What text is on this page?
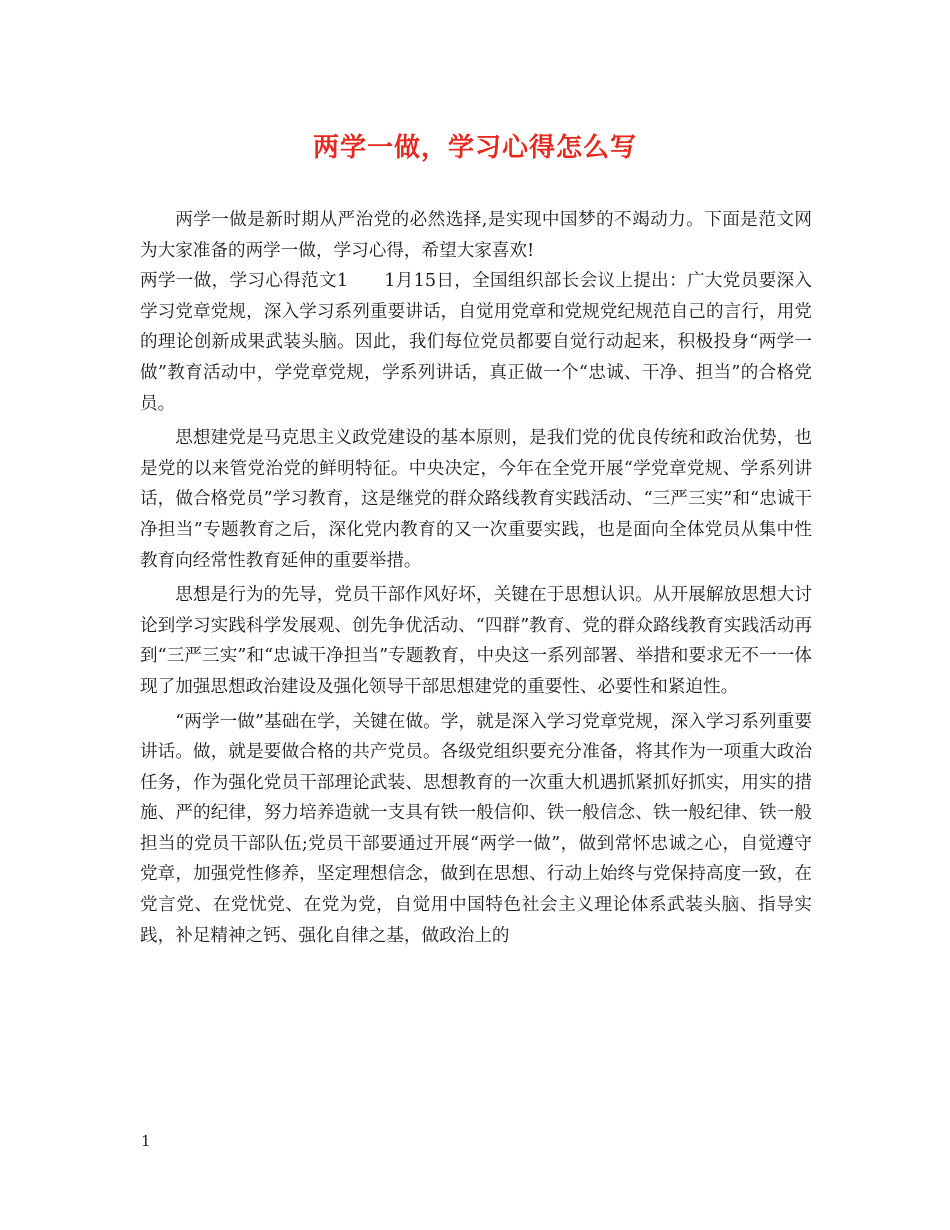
两学一做，学习心得怎么写

两学一做是新时期从严治党的必然选择,是实现中国梦的不竭动力。下面是范文网为大家准备的两学一做，学习心得，希望大家喜欢!

两学一做，学习心得范文1　　1月15日，全国组织部长会议上提出：广大党员要深入学习党章党规，深入学习系列重要讲话，自觉用党章和党规党纪规范自己的言行，用党的理论创新成果武装头脑。因此，我们每位党员都要自觉行动起来，积极投身“两学一做”教育活动中，学党章党规，学系列讲话，真正做一个“忠诚、干净、担当”的合格党员。

思想建党是马克思主义政党建设的基本原则，是我们党的优良传统和政治优势，也是党的以来管党治党的鲜明特征。中央决定，今年在全党开展“学党章党规、学系列讲话，做合格党员”学习教育，这是继党的群众路线教育实践活动、“三严三实”和“忠诚干净担当”专题教育之后，深化党内教育的又一次重要实践，也是面向全体党员从集中性教育向经常性教育延伸的重要举措。

思想是行为的先导，党员干部作风好坏，关键在于思想认识。从开展解放思想大讨论到学习实践科学发展观、创先争优活动、“四群”教育、党的群众路线教育实践活动再到“三严三实”和“忠诚干净担当”专题教育，中央这一系列部署、举措和要求无不一一体现了加强思想政治建设及强化领导干部思想建党的重要性、必要性和紧迫性。

“两学一做”基础在学，关键在做。学，就是深入学习党章党规，深入学习系列重要讲话。做，就是要做合格的共产党员。各级党组织要充分准备，将其作为一项重大政治任务，作为强化党员干部理论武装、思想教育的一次重大机遇抓紧抓好抓实，用实的措施、严的纪律，努力培养造就一支具有铁一般信仰、铁一般信念、铁一般纪律、铁一般担当的党员干部队伍;党员干部要通过开展“两学一做”，做到常怀忠诚之心，自觉遵守党章，加强党性修养，坚定理想信念，做到在思想、行动上始终与党保持高度一致，在党言党、在党忧党、在党为党，自觉用中国特色社会主义理论体系武装头脑、指导实践，补足精神之钙、强化自律之基，做政治上的

1
